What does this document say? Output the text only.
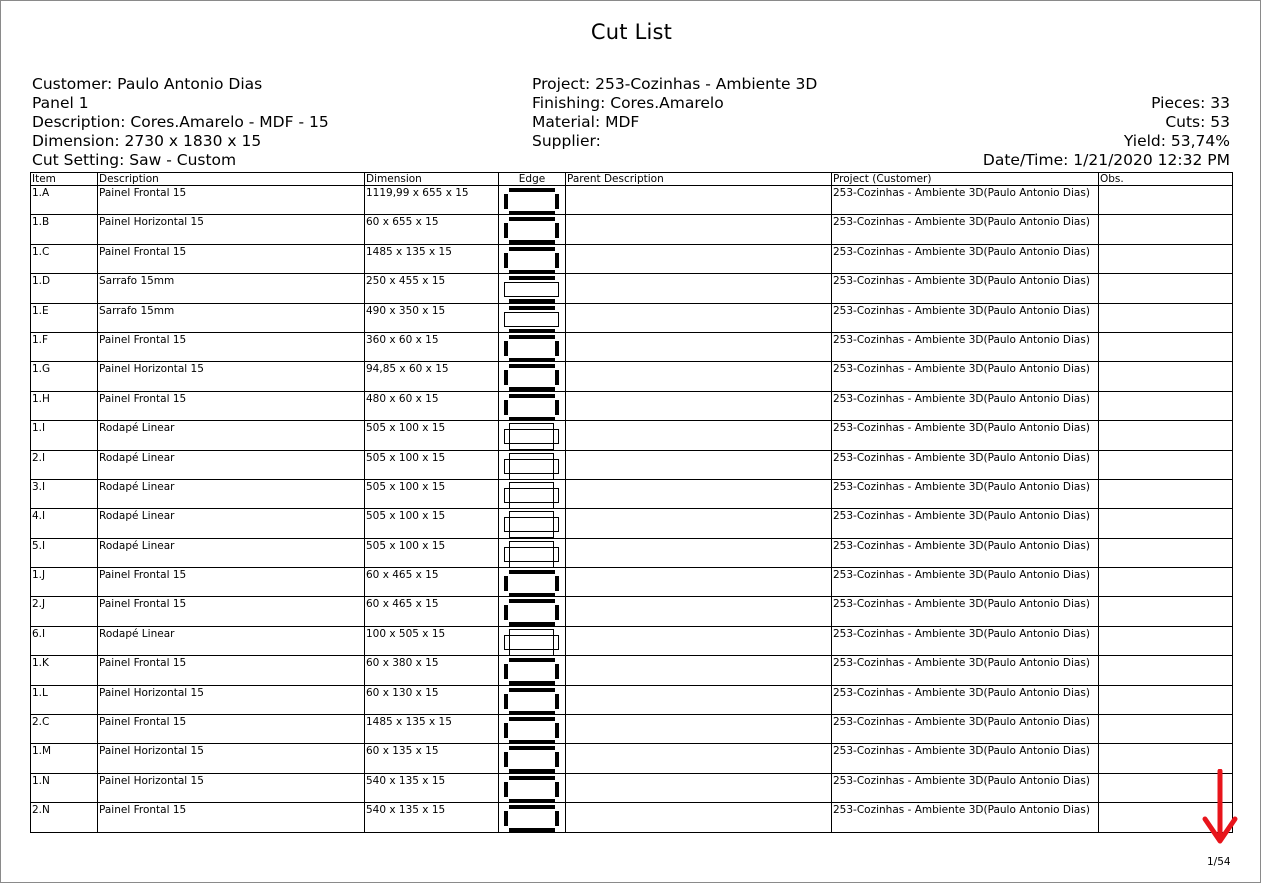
Cut List
Customer: Paulo Antonio Dias
Panel 1
Description: Cores.Amarelo - MDF - 15
Dimension: 2730 x 1830 x 15
Cut Setting: Saw - Custom
Project: 253-Cozinhas - Ambiente 3D
Finishing: Cores.Amarelo
Material: MDF
Supplier:
Pieces: 33
Cuts: 53
Yield: 53,74%
Date/Time: 1/21/2020 12:32 PM
Item	Description	Dimension	Edge	Parent Description	Project (Customer)	Obs.
1.A	Painel Frontal 15	1119,99 x 655 x 15			253-Cozinhas - Ambiente 3D(Paulo Antonio Dias)	
1.B	Painel Horizontal 15	60 x 655 x 15			253-Cozinhas - Ambiente 3D(Paulo Antonio Dias)	
1.C	Painel Frontal 15	1485 x 135 x 15			253-Cozinhas - Ambiente 3D(Paulo Antonio Dias)	
1.D	Sarrafo 15mm	250 x 455 x 15			253-Cozinhas - Ambiente 3D(Paulo Antonio Dias)	
1.E	Sarrafo 15mm	490 x 350 x 15			253-Cozinhas - Ambiente 3D(Paulo Antonio Dias)	
1.F	Painel Frontal 15	360 x 60 x 15			253-Cozinhas - Ambiente 3D(Paulo Antonio Dias)	
1.G	Painel Horizontal 15	94,85 x 60 x 15			253-Cozinhas - Ambiente 3D(Paulo Antonio Dias)	
1.H	Painel Frontal 15	480 x 60 x 15			253-Cozinhas - Ambiente 3D(Paulo Antonio Dias)	
1.I	Rodapé Linear	505 x 100 x 15			253-Cozinhas - Ambiente 3D(Paulo Antonio Dias)	
2.I	Rodapé Linear	505 x 100 x 15			253-Cozinhas - Ambiente 3D(Paulo Antonio Dias)	
3.I	Rodapé Linear	505 x 100 x 15			253-Cozinhas - Ambiente 3D(Paulo Antonio Dias)	
4.I	Rodapé Linear	505 x 100 x 15			253-Cozinhas - Ambiente 3D(Paulo Antonio Dias)	
5.I	Rodapé Linear	505 x 100 x 15			253-Cozinhas - Ambiente 3D(Paulo Antonio Dias)	
1.J	Painel Frontal 15	60 x 465 x 15			253-Cozinhas - Ambiente 3D(Paulo Antonio Dias)	
2.J	Painel Frontal 15	60 x 465 x 15			253-Cozinhas - Ambiente 3D(Paulo Antonio Dias)	
6.I	Rodapé Linear	100 x 505 x 15			253-Cozinhas - Ambiente 3D(Paulo Antonio Dias)	
1.K	Painel Frontal 15	60 x 380 x 15			253-Cozinhas - Ambiente 3D(Paulo Antonio Dias)	
1.L	Painel Horizontal 15	60 x 130 x 15			253-Cozinhas - Ambiente 3D(Paulo Antonio Dias)	
2.C	Painel Frontal 15	1485 x 135 x 15			253-Cozinhas - Ambiente 3D(Paulo Antonio Dias)	
1.M	Painel Horizontal 15	60 x 135 x 15			253-Cozinhas - Ambiente 3D(Paulo Antonio Dias)	
1.N	Painel Horizontal 15	540 x 135 x 15			253-Cozinhas - Ambiente 3D(Paulo Antonio Dias)	
2.N	Painel Frontal 15	540 x 135 x 15			253-Cozinhas - Ambiente 3D(Paulo Antonio Dias)	
1/54
